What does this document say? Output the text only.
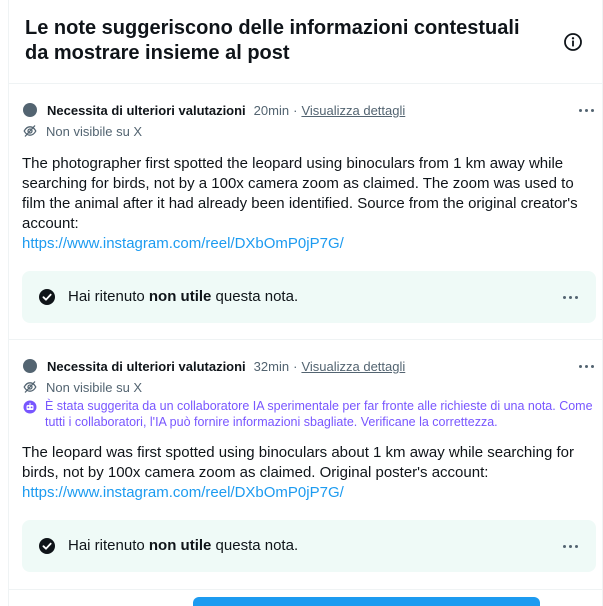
Le note suggeriscono delle informazioni contestuali da mostrare insieme al post
Necessita di ulteriori valutazioni 20min · Visualizza dettagli
Non visibile su X
The photographer first spotted the leopard using binoculars from 1 km away while searching for birds, not by a 100x camera zoom as claimed. The zoom was used to film the animal after it had already been identified. Source from the original creator's account:
https://www.instagram.com/reel/DXbOmP0jP7G/
Hai ritenuto non utile questa nota.
Necessita di ulteriori valutazioni 32min · Visualizza dettagli
Non visibile su X
È stata suggerita da un collaboratore IA sperimentale per far fronte alle richieste di una nota. Come tutti i collaboratori, l'IA può fornire informazioni sbagliate. Verificane la correttezza.
The leopard was first spotted using binoculars about 1 km away while searching for birds, not by 100x camera zoom as claimed. Original poster's account:
https://www.instagram.com/reel/DXbOmP0jP7G/
Hai ritenuto non utile questa nota.
